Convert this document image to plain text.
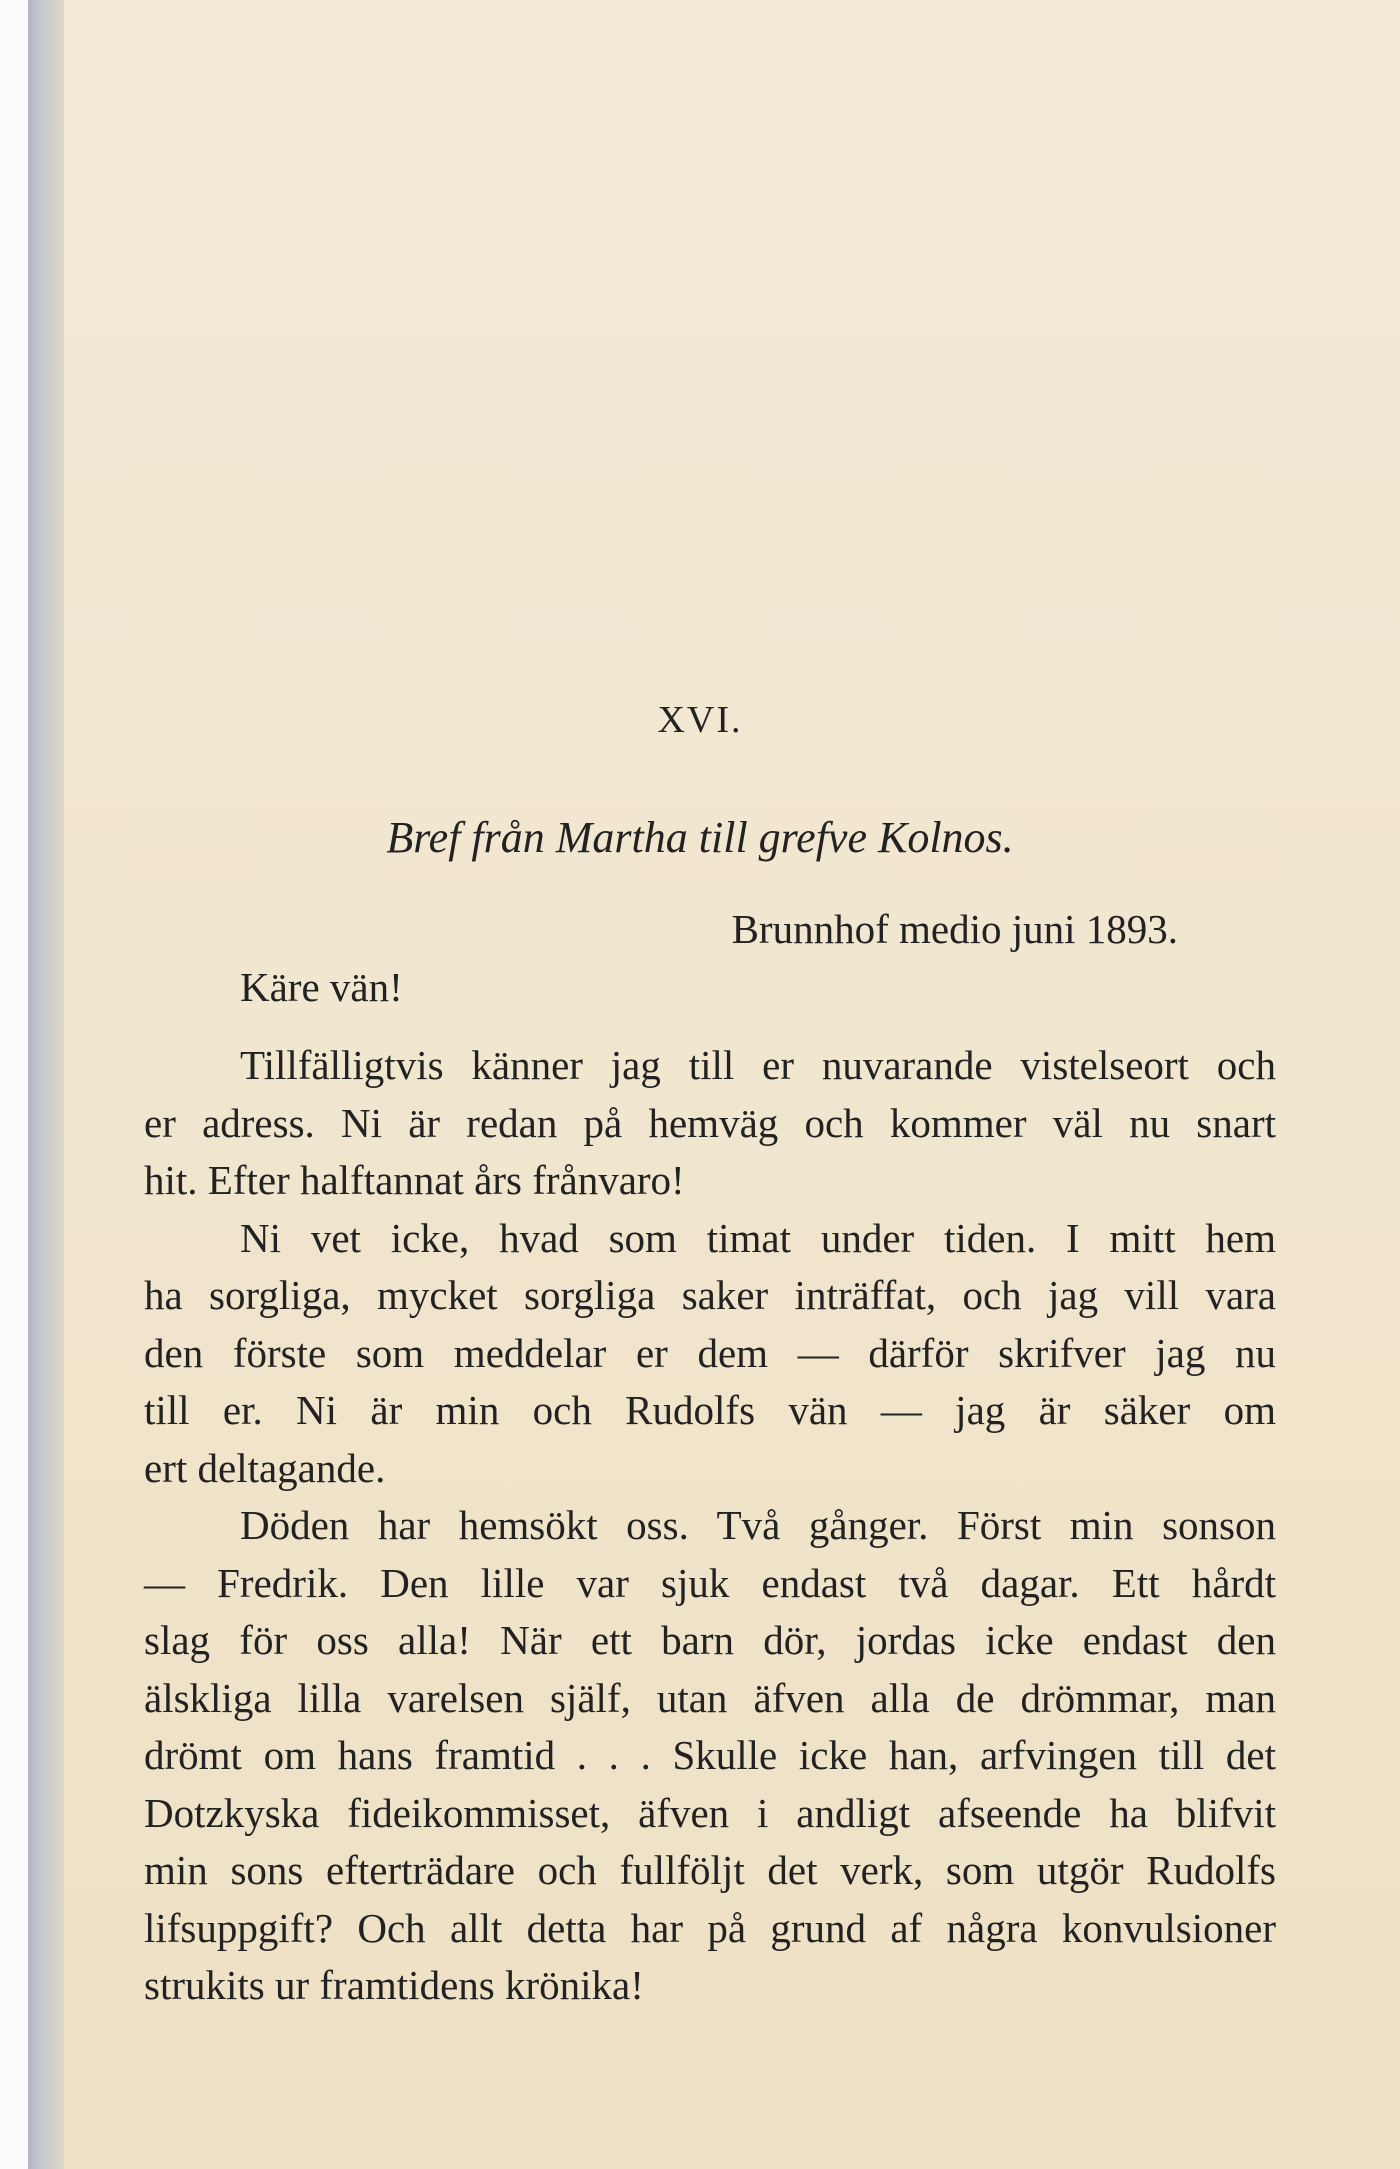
XVI.
Bref från Martha till grefve Kolnos.
Brunnhof medio juni 1893.
Käre vän!
Tillfälligtvis känner jag till er nuvarande vistelseort och
er adress. Ni är redan på hemväg och kommer väl nu snart
hit. Efter halftannat års frånvaro!
Ni vet icke, hvad som timat under tiden. I mitt hem
ha sorgliga, mycket sorgliga saker inträffat, och jag vill vara
den förste som meddelar er dem — därför skrifver jag nu
till er. Ni är min och Rudolfs vän — jag är säker om
ert deltagande.
Döden har hemsökt oss. Två gånger. Först min sonson
— Fredrik. Den lille var sjuk endast två dagar. Ett hårdt
slag för oss alla! När ett barn dör, jordas icke endast den
älskliga lilla varelsen själf, utan äfven alla de drömmar, man
drömt om hans framtid . . . Skulle icke han, arfvingen till det
Dotzkyska fideikommisset, äfven i andligt afseende ha blifvit
min sons efterträdare och fullföljt det verk, som utgör Rudolfs
lifsuppgift? Och allt detta har på grund af några konvulsioner
strukits ur framtidens krönika!
